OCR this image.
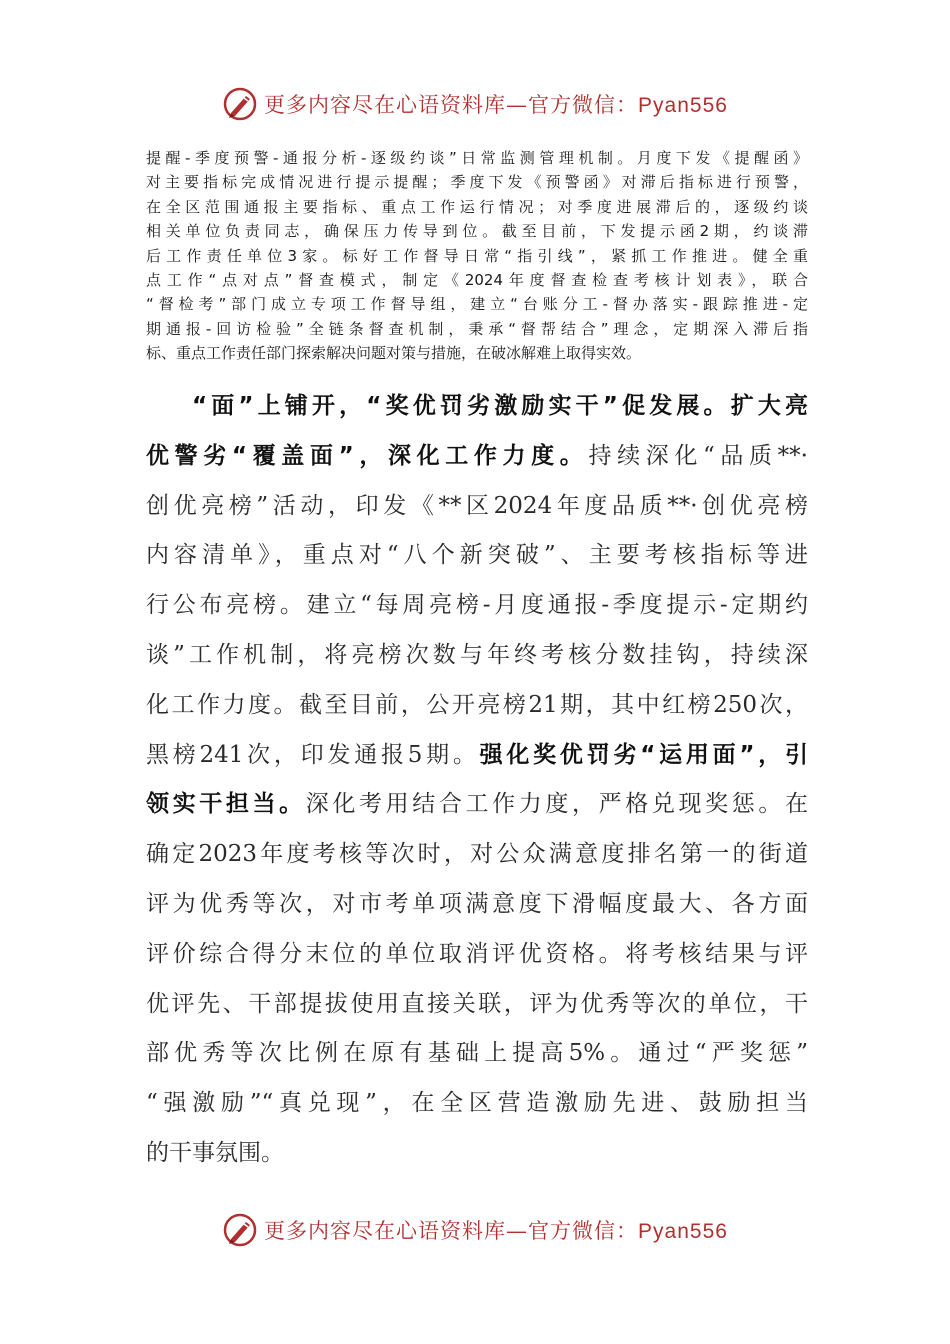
更多内容尽在心语资料库—官方微信：Pyan556
提醒-季度预警-通报分析-逐级约谈”日常监测管理机制。月度下发《提醒函》
对主要指标完成情况进行提示提醒；季度下发《预警函》对滞后指标进行预警，
在全区范围通报主要指标、重点工作运行情况；对季度进展滞后的，逐级约谈
相关单位负责同志，确保压力传导到位。截至目前，下发提示函2期，约谈滞
后工作责任单位3家。标好工作督导日常“指引线”，紧抓工作推进。健全重
点工作“点对点”督查模式，制定《2024年度督查检查考核计划表》，联合
“督检考”部门成立专项工作督导组，建立“台账分工-督办落实-跟踪推进-定
期通报-回访检验”全链条督查机制，秉承“督帮结合”理念，定期深入滞后指
标、重点工作责任部门探索解决问题对策与措施，在破冰解难上取得实效。
“面”上铺开，“奖优罚劣激励实干”促发展。扩大亮
优警劣“覆盖面”，深化工作力度。持续深化“品质**·
创优亮榜”活动，印发《**区2024年度品质**·创优亮榜
内容清单》，重点对“八个新突破”、主要考核指标等进
行公布亮榜。建立“每周亮榜-月度通报-季度提示-定期约
谈”工作机制，将亮榜次数与年终考核分数挂钩，持续深
化工作力度。截至目前，公开亮榜21期，其中红榜250次，
黑榜241次，印发通报5期。强化奖优罚劣“运用面”，引
领实干担当。深化考用结合工作力度，严格兑现奖惩。在
确定2023年度考核等次时，对公众满意度排名第一的街道
评为优秀等次，对市考单项满意度下滑幅度最大、各方面
评价综合得分末位的单位取消评优资格。将考核结果与评
优评先、干部提拔使用直接关联，评为优秀等次的单位，干
部优秀等次比例在原有基础上提高5%。通过“严奖惩”
“强激励”“真兑现”，在全区营造激励先进、鼓励担当
的干事氛围。
更多内容尽在心语资料库—官方微信：Pyan556
